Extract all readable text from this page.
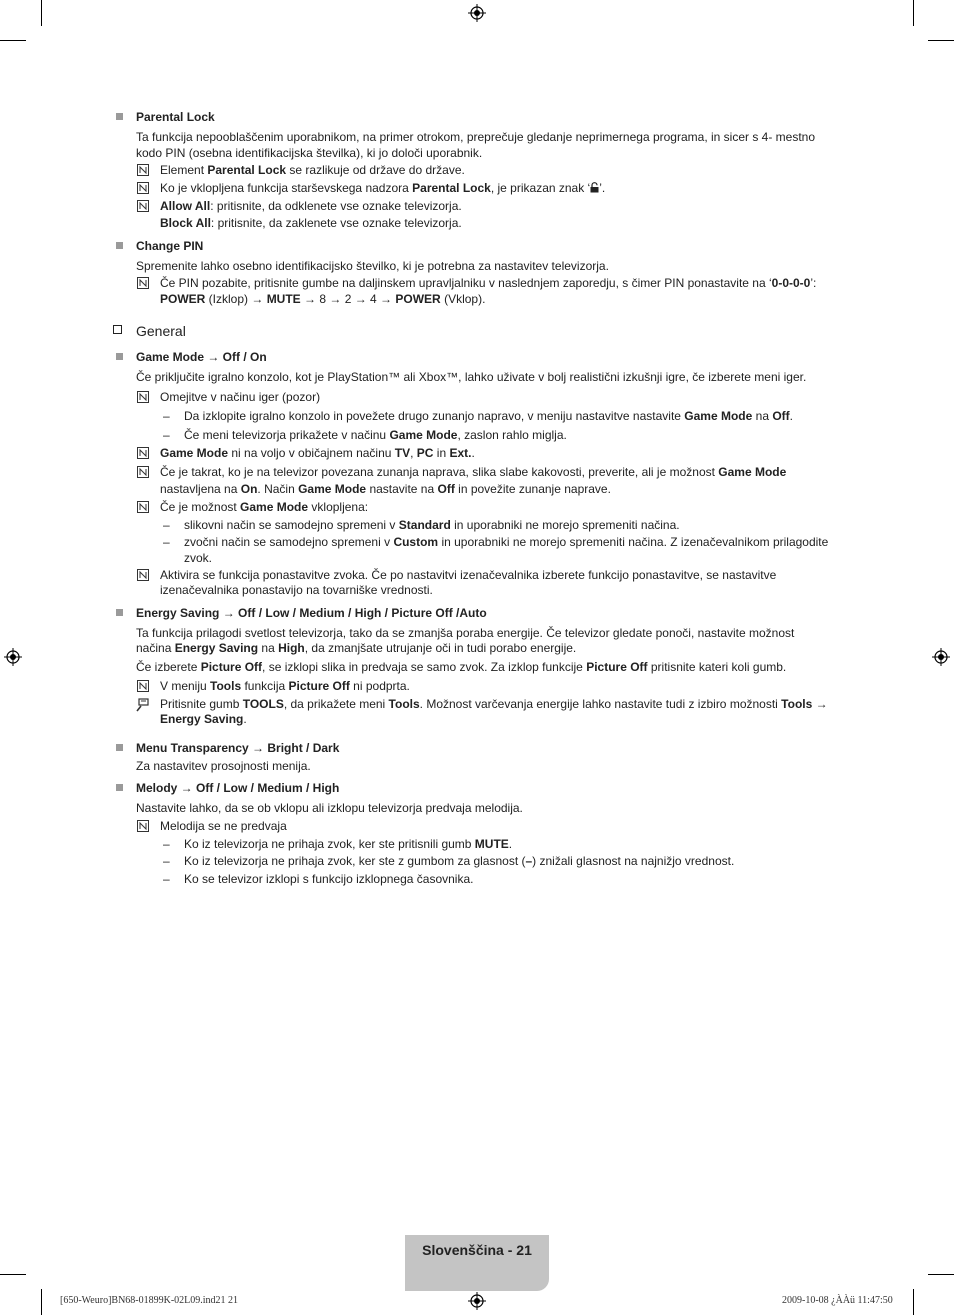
Parental Lock
Ta funkcija nepooblaščenim uporabnikom, na primer otrokom, preprečuje gledanje neprimernega programa, in sicer s 4- mestno kodo PIN (osebna identifikacijska številka), ki jo določi uporabnik.
Element Parental Lock se razlikuje od države do države.
Ko je vklopljena funkcija starševskega nadzora Parental Lock, je prikazan znak ‘ ’.
Allow All: pritisnite, da odklenete vse oznake televizorja.
Block All: pritisnite, da zaklenete vse oznake televizorja.
Change PIN
Spremenite lahko osebno identifikacijsko številko, ki je potrebna za nastavitev televizorja.
Če PIN pozabite, pritisnite gumbe na daljinskem upravljalniku v naslednjem zaporedju, s čimer PIN ponastavite na ‘0-0-0-0’:
POWER (Izklop) → MUTE → 8 → 2 → 4 → POWER (Vklop).
General
Game Mode → Off / On
Če priključite igralno konzolo, kot je PlayStation™ ali Xbox™, lahko uživate v bolj realistični izkušnji igre, če izberete meni iger.
Omejitve v načinu iger (pozor)
– Da izklopite igralno konzolo in povežete drugo zunanjo napravo, v meniju nastavitve nastavite Game Mode na Off.
– Če meni televizorja prikažete v načinu Game Mode, zaslon rahlo miglja.
Game Mode ni na voljo v običajnem načinu TV, PC in Ext..
Če je takrat, ko je na televizor povezana zunanja naprava, slika slabe kakovosti, preverite, ali je možnost Game Mode
nastavljena na On. Način Game Mode nastavite na Off in povežite zunanje naprave.
Če je možnost Game Mode vklopljena:
– slikovni način se samodejno spremeni v Standard in uporabniki ne morejo spremeniti načina.
– zvočni način se samodejno spremeni v Custom in uporabniki ne morejo spremeniti načina. Z izenačevalnikom prilagodite
zvok.
Aktivira se funkcija ponastavitve zvoka. Če po nastavitvi izenačevalnika izberete funkcijo ponastavitve, se nastavitve
izenačevalnika ponastavijo na tovarniške vrednosti.
Energy Saving → Off / Low / Medium / High / Picture Off /Auto
Ta funkcija prilagodi svetlost televizorja, tako da se zmanjša poraba energije. Če televizor gledate ponoči, nastavite možnost
načina Energy Saving na High, da zmanjšate utrujanje oči in tudi porabo energije.
Če izberete Picture Off, se izklopi slika in predvaja se samo zvok. Za izklop funkcije Picture Off pritisnite kateri koli gumb.
V meniju Tools funkcija Picture Off ni podprta.
Pritisnite gumb TOOLS, da prikažete meni Tools. Možnost varčevanja energije lahko nastavite tudi z izbiro možnosti Tools →
Energy Saving.
Menu Transparency → Bright / Dark
Za nastavitev prosojnosti menija.
Melody → Off / Low / Medium / High
Nastavite lahko, da se ob vklopu ali izklopu televizorja predvaja melodija.
Melodija se ne predvaja
– Ko iz televizorja ne prihaja zvok, ker ste pritisnili gumb MUTE.
– Ko iz televizorja ne prihaja zvok, ker ste z gumbom za glasnost (–) znižali glasnost na najnižjo vrednost.
– Ko se televizor izklopi s funkcijo izklopnega časovnika.
Slovenščina - 21
[650-Weuro]BN68-01899K-02L09.ind21 21	2009-10-08 ¿ÀÀü 11:47:50
